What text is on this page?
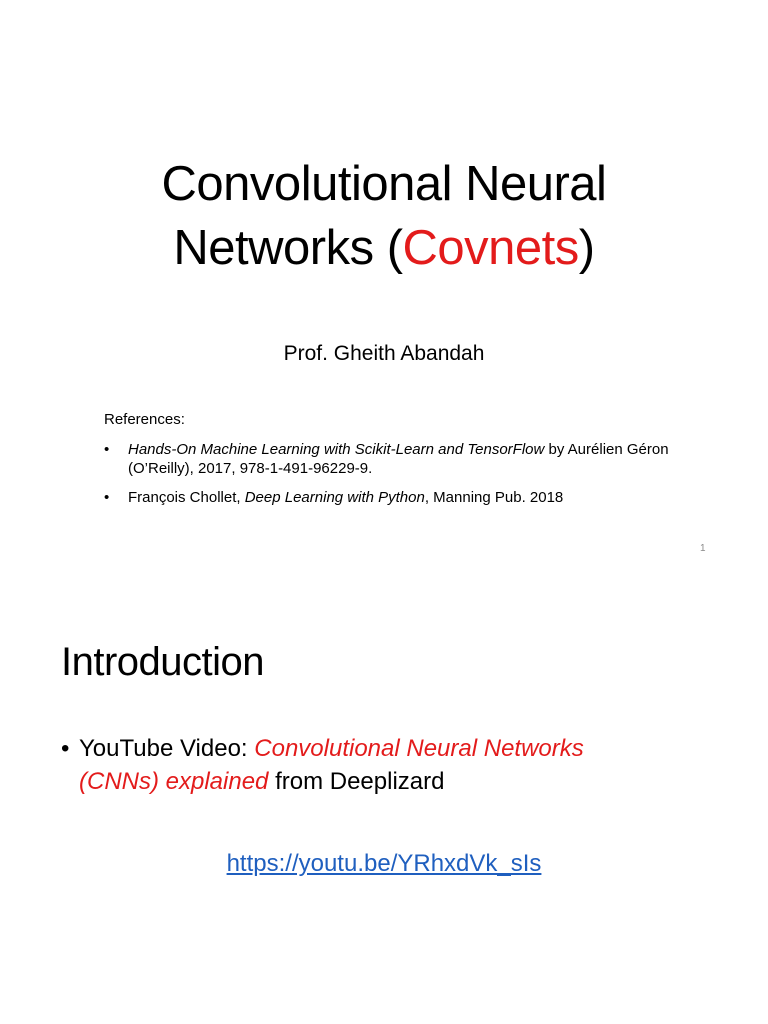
Convolutional Neural
Networks (Covnets)
Prof. Gheith Abandah
References:
• Hands-On Machine Learning with Scikit-Learn and TensorFlow by Aurélien Géron (O’Reilly), 2017, 978-1-491-96229-9.
• François Chollet, Deep Learning with Python, Manning Pub. 2018
1
Introduction
• YouTube Video: Convolutional Neural Networks
(CNNs) explained from Deeplizard
https://youtu.be/YRhxdVk_sIs
